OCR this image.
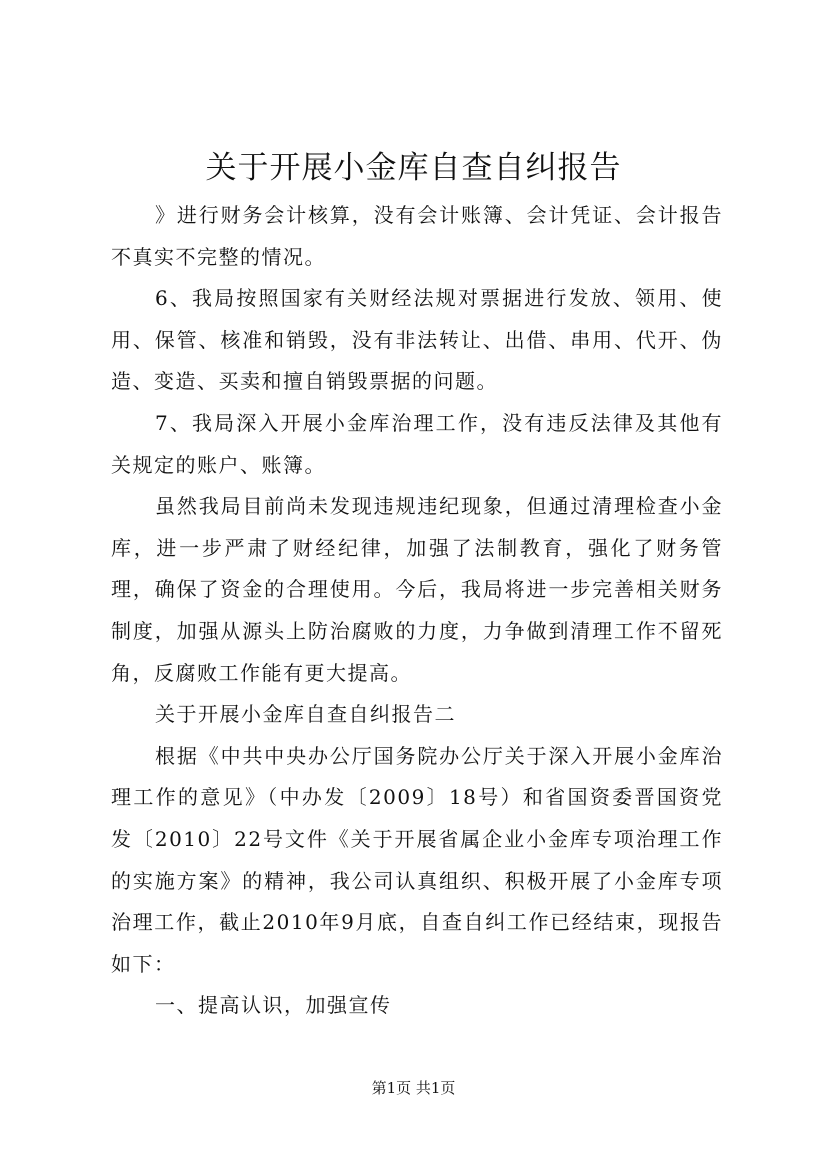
关于开展小金库自查自纠报告

》进行财务会计核算，没有会计账簿、会计凭证、会计报告不真实不完整的情况。

6、我局按照国家有关财经法规对票据进行发放、领用、使用、保管、核准和销毁，没有非法转让、出借、串用、代开、伪造、变造、买卖和擅自销毁票据的问题。

7、我局深入开展小金库治理工作，没有违反法律及其他有关规定的账户、账簿。

虽然我局目前尚未发现违规违纪现象，但通过清理检查小金库，进一步严肃了财经纪律，加强了法制教育，强化了财务管理，确保了资金的合理使用。今后，我局将进一步完善相关财务制度，加强从源头上防治腐败的力度，力争做到清理工作不留死角，反腐败工作能有更大提高。

关于开展小金库自查自纠报告二

根据《中共中央办公厅国务院办公厅关于深入开展小金库治理工作的意见》（中办发〔2009〕18号）和省国资委晋国资党发〔2010〕22号文件《关于开展省属企业小金库专项治理工作的实施方案》的精神，我公司认真组织、积极开展了小金库专项治理工作，截止2010年9月底，自查自纠工作已经结束，现报告如下：

一、提高认识，加强宣传

第1页 共1页
